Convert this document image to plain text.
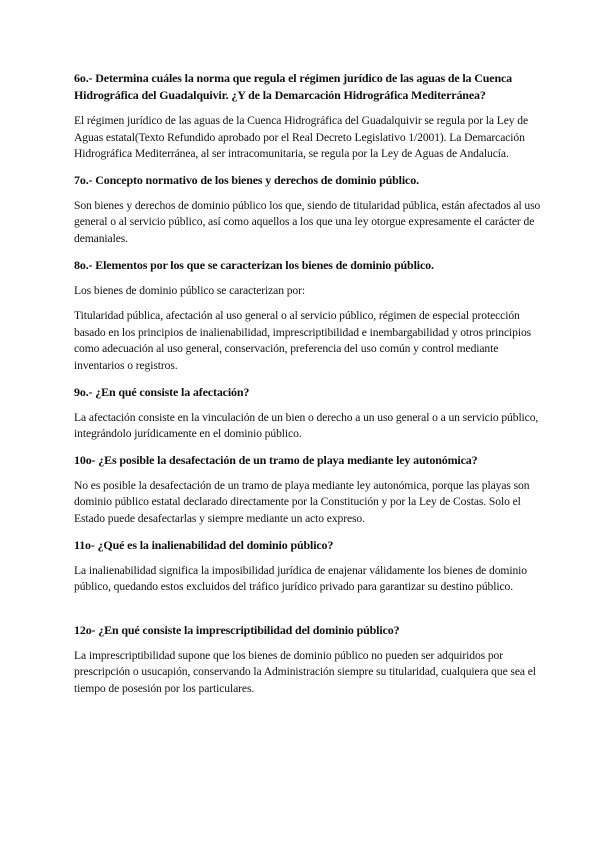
6o.- Determina cuáles la norma que regula el régimen jurídico de las aguas de la Cuenca Hidrográfica del Guadalquivir. ¿Y de la Demarcación Hidrográfica Mediterránea?

El régimen jurídico de las aguas de la Cuenca Hidrográfica del Guadalquivir se regula por la Ley de Aguas estatal(Texto Refundido aprobado por el Real Decreto Legislativo 1/2001). La Demarcación Hidrográfica Mediterránea, al ser intracomunitaria, se regula por la Ley de Aguas de Andalucía.

7o.- Concepto normativo de los bienes y derechos de dominio público.

Son bienes y derechos de dominio público los que, siendo de titularidad pública, están afectados al uso general o al servicio público, así como aquellos a los que una ley otorgue expresamente el carácter de demaniales.

8o.- Elementos por los que se caracterizan los bienes de dominio público.

Los bienes de dominio público se caracterizan por:

Titularidad pública, afectación al uso general o al servicio público, régimen de especial protección basado en los principios de inalienabilidad, imprescriptibilidad e inembargabilidad y otros principios como adecuación al uso general, conservación, preferencia del uso común y control mediante inventarios o registros.

9o.- ¿En qué consiste la afectación?

La afectación consiste en la vinculación de un bien o derecho a un uso general o a un servicio público, integrándolo jurídicamente en el dominio público.

10o- ¿Es posible la desafectación de un tramo de playa mediante ley autonómica?

No es posible la desafectación de un tramo de playa mediante ley autonómica, porque las playas son dominio público estatal declarado directamente por la Constitución y por la Ley de Costas. Solo el Estado puede desafectarlas y siempre mediante un acto expreso.

11o- ¿Qué es la inalienabilidad del dominio público?

La inalienabilidad significa la imposibilidad jurídica de enajenar válidamente los bienes de dominio público, quedando estos excluidos del tráfico jurídico privado para garantizar su destino público.

12o- ¿En qué consiste la imprescriptibilidad del dominio público?

La imprescriptibilidad supone que los bienes de dominio público no pueden ser adquiridos por prescripción o usucapión, conservando la Administración siempre su titularidad, cualquiera que sea el tiempo de posesión por los particulares.
